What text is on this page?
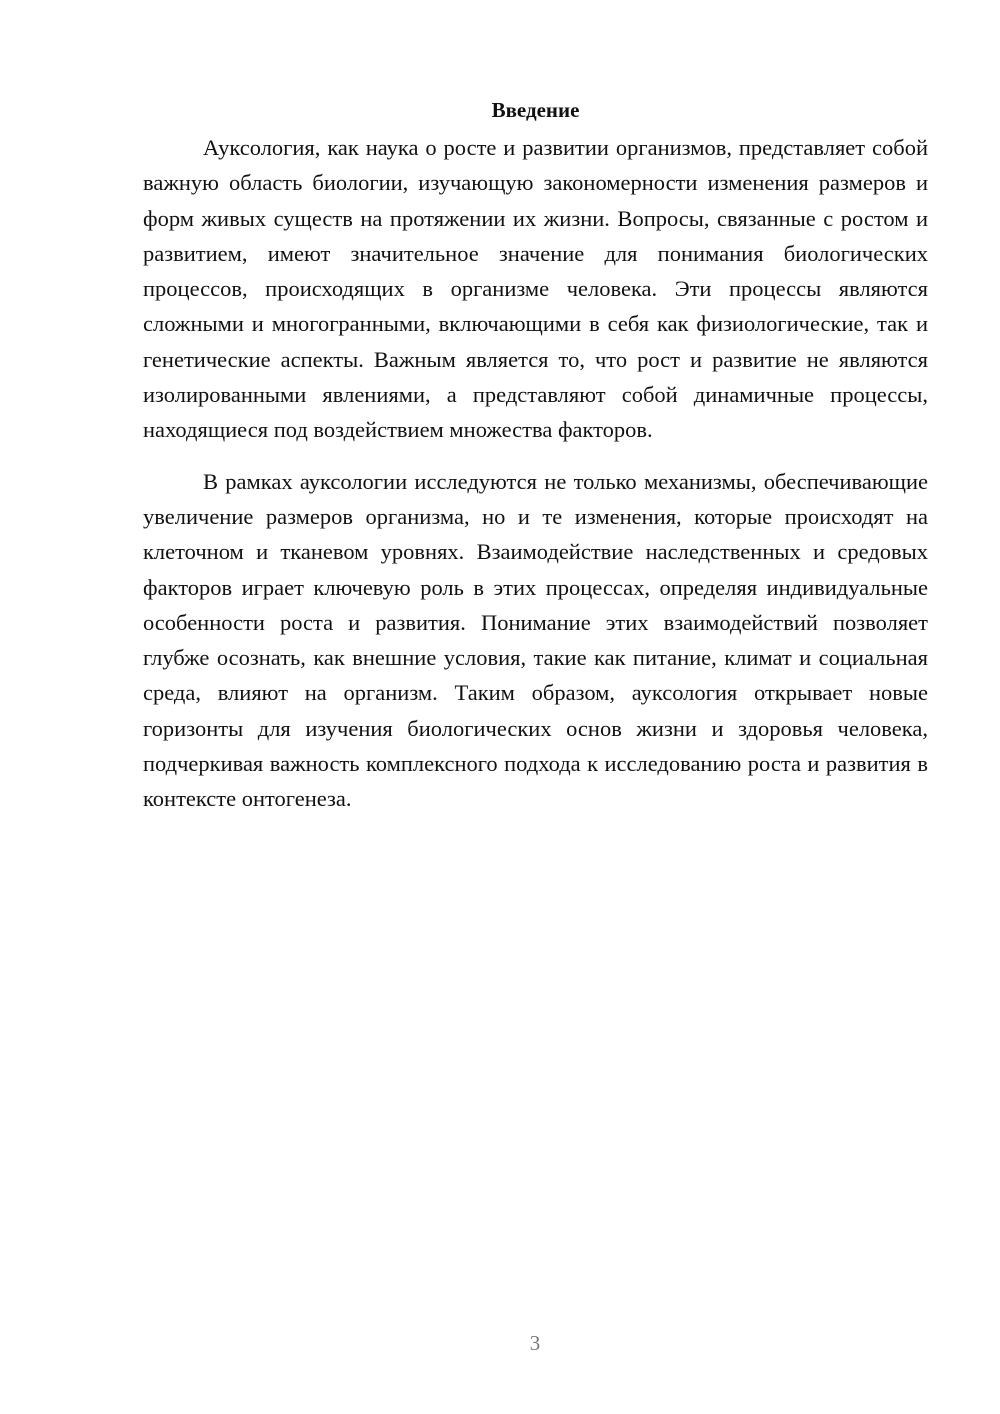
Введение

Ауксология, как наука о росте и развитии организмов, представляет собой важную область биологии, изучающую закономерности изменения размеров и форм живых существ на протяжении их жизни. Вопросы, связанные с ростом и развитием, имеют значительное значение для понимания биологических процессов, происходящих в организме человека. Эти процессы являются сложными и многогранными, включающими в себя как физиологические, так и генетические аспекты. Важным является то, что рост и развитие не являются изолированными явлениями, а представляют собой динамичные процессы, находящиеся под воздействием множества факторов.

В рамках ауксологии исследуются не только механизмы, обеспечивающие увеличение размеров организма, но и те изменения, которые происходят на клеточном и тканевом уровнях. Взаимодействие наследственных и средовых факторов играет ключевую роль в этих процессах, определяя индивидуальные особенности роста и развития. Понимание этих взаимодействий позволяет глубже осознать, как внешние условия, такие как питание, климат и социальная среда, влияют на организм. Таким образом, ауксология открывает новые горизонты для изучения биологических основ жизни и здоровья человека, подчеркивая важность комплексного подхода к исследованию роста и развития в контексте онтогенеза.

3
